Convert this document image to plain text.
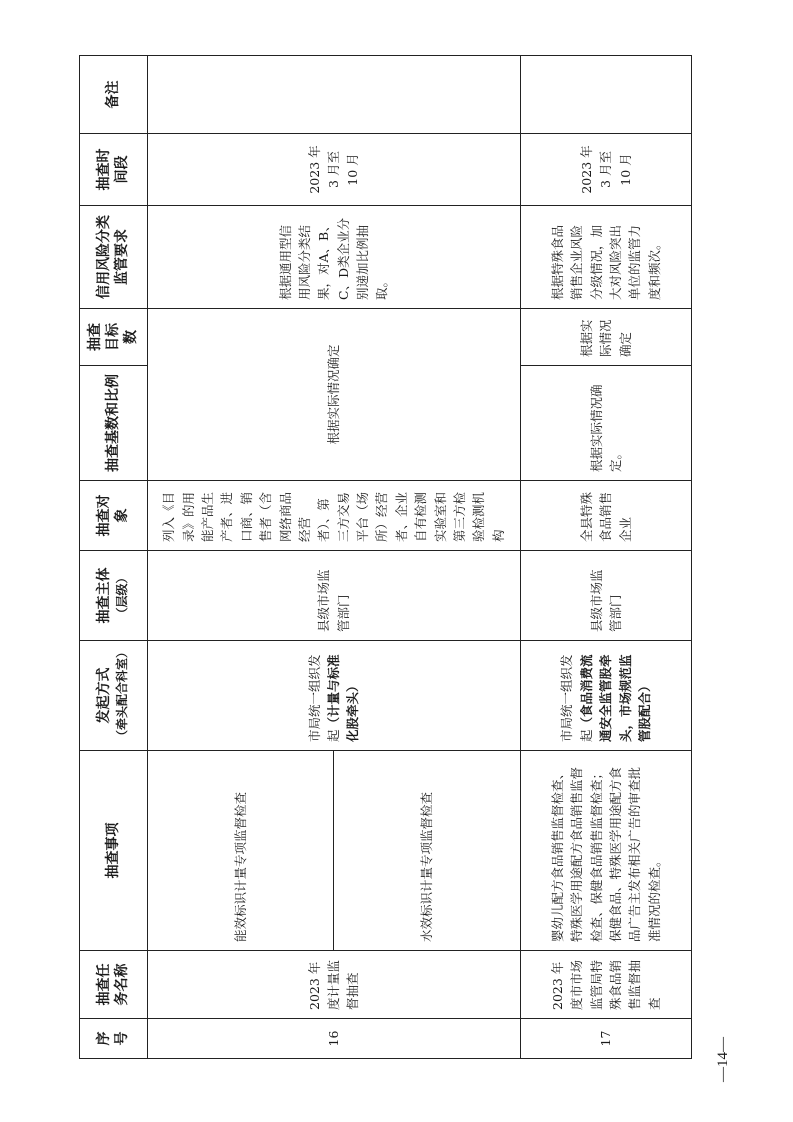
序号	抽查任务名称	抽查事项	发起方式 （牵头配合科室）	抽查主体 （层级）	抽查对象	抽查基数和比例	抽查目标数	信用风险分类监管要求	抽查时间段	备注
16	2023 年度计量监督抽查	能效标识计量专项监督检查	市局统一组织发起（计量与标准化股牵头）	县级市场监管部门	列入《目录》的用能产品生产者、进口商、销售者（含网络商品经营者）、第三方交易平台（场所）经营者、企业自有检测实验室和第三方检验检测机构	根据实际情况确定		根据通用型信用风险分类结果，对A、B、C、D类企业分别递加比例抽取。	2023 年 3 月至 10 月	
		水效标识计量专项监督检查								
17	2023 年度市市场监管局特殊食品销售监督抽查	婴幼儿配方食品销售监督检查、特殊医学用途配方食品销售监督检查、保健食品销售监督检查；保健食品、特殊医学用途配方食品广告主发布相关广告的审查批准情况的检查。	市局统一组织发起（食品消费流通安全监管股牵头，市场规范监管股配合）	县级市场监管部门	全县特殊食品销售企业	根据实际情况确定。	根据实际情况确定	根据特殊食品销售企业风险分级情况，加大对风险突出单位的监管力度和频次。	2023 年 3 月至 10 月	
—14—
